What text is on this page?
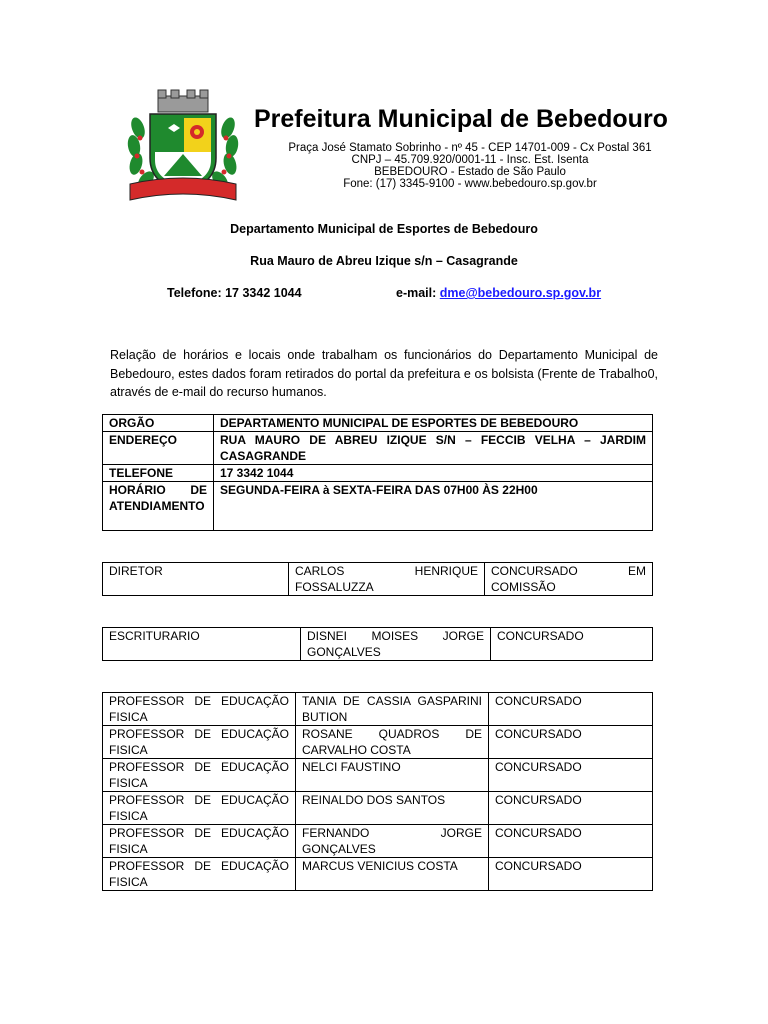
Prefeitura Municipal de Bebedouro
Praça José Stamato Sobrinho - nº 45 - CEP 14701-009 - Cx Postal 361
CNPJ – 45.709.920/0001-11 - Insc. Est. Isenta
BEBEDOURO - Estado de São Paulo
Fone: (17) 3345-9100 - www.bebedouro.sp.gov.br
Departamento Municipal de Esportes de Bebedouro
Rua Mauro de Abreu Izique s/n – Casagrande
Telefone: 17 3342 1044	e-mail: dme@bebedouro.sp.gov.br
Relação de horários e locais onde trabalham os funcionários do Departamento Municipal de Bebedouro, estes dados foram retirados do portal da prefeitura e os bolsista (Frente de Trabalho0, através de e-mail do recurso humanos.
ORGÃO	DEPARTAMENTO MUNICIPAL DE ESPORTES DE BEBEDOURO
ENDEREÇO	RUA MAURO DE ABREU IZIQUE S/N – FECCIB VELHA – JARDIM CASAGRANDE
TELEFONE	17 3342 1044
HORÁRIO DE ATENDIAMENTO	SEGUNDA-FEIRA à SEXTA-FEIRA DAS 07H00 ÀS 22H00
DIRETOR	CARLOS HENRIQUE FOSSALUZZA	CONCURSADO EM COMISSÃO
ESCRITURARIO	DISNEI MOISES JORGE GONÇALVES	CONCURSADO
PROFESSOR DE EDUCAÇÃO FISICA	TANIA DE CASSIA GASPARINI BUTION	CONCURSADO
PROFESSOR DE EDUCAÇÃO FISICA	ROSANE QUADROS DE CARVALHO COSTA	CONCURSADO
PROFESSOR DE EDUCAÇÃO FISICA	NELCI FAUSTINO	CONCURSADO
PROFESSOR DE EDUCAÇÃO FISICA	REINALDO DOS SANTOS	CONCURSADO
PROFESSOR DE EDUCAÇÃO FISICA	FERNANDO JORGE GONÇALVES	CONCURSADO
PROFESSOR DE EDUCAÇÃO FISICA	MARCUS VENICIUS COSTA	CONCURSADO
